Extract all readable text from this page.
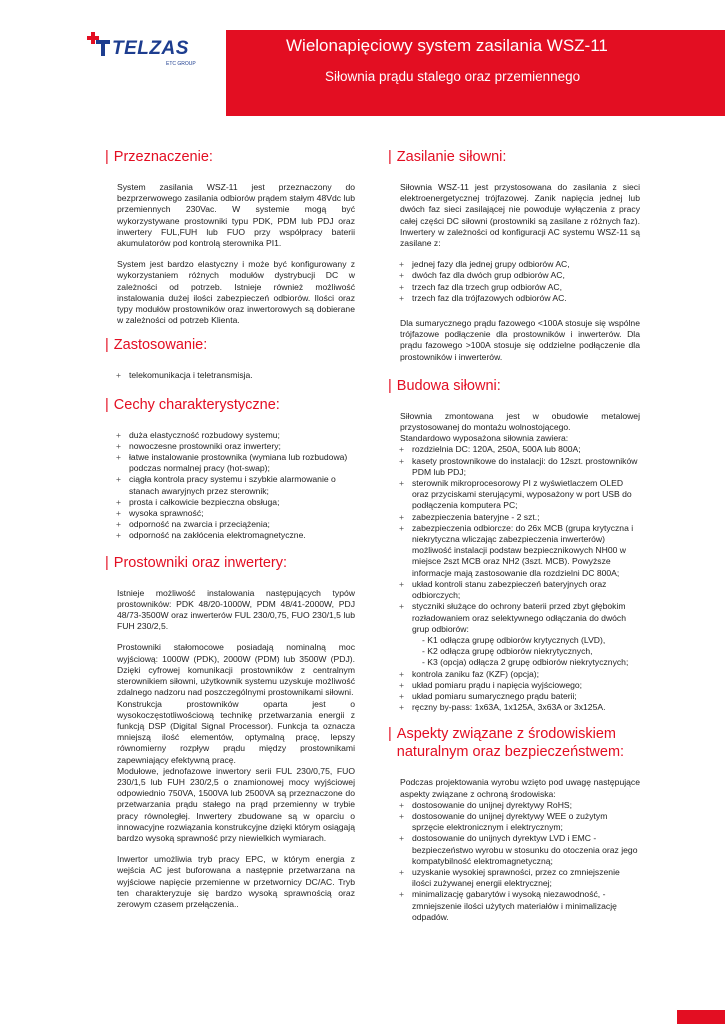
TELZAS
ETC GROUP
Wielonapięciowy system zasilania WSZ-11
Siłownia prądu stalego oraz przemiennego
| Przeznaczenie:

System zasilania WSZ-11 jest przeznaczony do bezprzerwowego zasilania odbiorów prądem stałym 48Vdc lub przemiennych 230Vac. W systemie mogą być wykorzystywane prostowniki typu PDK, PDM lub PDJ oraz inwertery FUL,FUH lub FUO przy współpracy baterii akumulatorów pod kontrolą sterownika PI1.

System jest bardzo elastyczny i może być konfigurowany z wykorzystaniem różnych modułów dystrybucji DC w zależności od potrzeb. Istnieje również możliwość instalowania dużej ilości zabezpieczeń odbiorów. Ilości oraz typy modułów prostowników oraz inwertorowych są dobierane w zależności od potrzeb Klienta.

| Zastosowanie:
+ telekomunikacja i teletransmisja.
| Cechy charakterystyczne:
+ duża elastyczność rozbudowy systemu;
+ nowoczesne prostowniki oraz inwertery;
+ łatwe instalowanie prostownika (wymiana lub rozbudowa) podczas normalnej pracy (hot-swap);
+ ciągła kontrola pracy systemu i szybkie alarmowanie o stanach awaryjnych przez sterownik;
+ prosta i całkowicie bezpieczna obsługa;
+ wysoka sprawność;
+ odporność na zwarcia i przeciążenia;
+ odporność na zakłócenia elektromagnetyczne.
| Prostowniki oraz inwertery:

Istnieje możliwość instalowania następujących typów prostowników: PDK 48/20-1000W, PDM 48/41-2000W, PDJ 48/73-3500W oraz inwerterów FUL 230/0,75, FUO 230/1,5 lub FUH 230/2,5.

Prostowniki stałomocowe posiadają nominalną moc wyjściową: 1000W (PDK), 2000W (PDM) lub 3500W (PDJ). Dzięki cyfrowej komunikacji prostowników z centralnym sterownikiem siłowni, użytkownik systemu uzyskuje możliwość zdalnego nadzoru nad poszczególnymi prostownikami siłowni.

Konstrukcja prostowników oparta jest o wysokoczęstotliwościową technikę przetwarzania energii z funkcją DSP (Digital Signal Processor). Funkcja ta oznacza mniejszą ilość elementów, optymalną pracę, lepszy równomierny rozpływ prądu między prostownikami zapewniający efektywną pracę.

Modułowe, jednofazowe inwertory serii FUL 230/0,75, FUO 230/1,5 lub FUH 230/2,5 o znamionowej mocy wyjściowej odpowiednio 750VA, 1500VA lub 2500VA są przeznaczone do przetwarzania prądu stałego na prąd przemienny w trybie pracy równoległej. Inwertery zbudowane są w oparciu o innowacyjne rozwiązania konstrukcyjne dzięki którym osiągają bardzo wysoką sprawność przy niewielkich wymiarach.

Inwertor umożliwia tryb pracy EPC, w którym energia z wejścia AC jest buforowana a następnie przetwarzana na wyjściowe napięcie przemienne w przetwornicy DC/AC. Tryb ten charakteryzuje się bardzo wysoką sprawnością oraz zerowym czasem przełączenia..

| Zasilanie siłowni:

Siłownia WSZ-11 jest przystosowana do zasilania z sieci elektroenergetycznej trójfazowej. Zanik napięcia jednej lub dwóch faz sieci zasilającej nie powoduje wyłączenia z pracy całej części DC siłowni (prostowniki są zasilane z różnych faz). Inwertery w zależności od konfiguracji AC systemu WSZ-11 są zasilane z:

+ jednej fazy dla jednej grupy odbiorów AC,
+ dwóch faz dla dwóch grup odbiorów AC,
+ trzech faz dla trzech grup odbiorów AC,
+ trzech faz dla trójfazowych odbiorów AC.

Dla sumarycznego prądu fazowego <100A stosuje się wspólne trójfazowe podłączenie dla prostowników i inwerterów. Dla prądu fazowego >100A stosuje się oddzielne podłączenie dla prostowników i inwerterów.

| Budowa siłowni:

Siłownia zmontowana jest w obudowie metalowej przystosowanej do montażu wolnostojącego.

Standardowo wyposażona siłownia zawiera:

+ rozdzielnia DC: 120A, 250A, 500A lub 800A;
+ kasety prostownikowe do instalacji: do 12szt. prostowników PDM lub PDJ;
+ sterownik mikroprocesorowy PI z wyświetlaczem OLED oraz przyciskami sterującymi, wyposażony w port USB do podłączenia komputera PC;
+ zabezpieczenia bateryjne - 2 szt.;
+ zabezpieczenia odbiorcze: do 26x MCB (grupa krytyczna i niekrytyczna wliczając zabezpieczenia inwerterów) możliwość instalacji podstaw bezpiecznikowych NH00 w miejsce 2szt MCB oraz NH2 (3szt. MCB). Powyższe informacje mają zastosowanie dla rozdzielni DC 800A;
+ układ kontroli stanu zabezpieczeń bateryjnych oraz odbiorczych;
+ styczniki służące do ochrony baterii przed zbyt głębokim rozładowaniem oraz selektywnego odłączania do dwóch grup odbiorów:
- K1 odłącza grupę odbiorów krytycznych (LVD),
- K2 odłącza grupę odbiorów niekrytycznych,
- K3 (opcja) odłącza 2 grupę odbiorów niekrytycznych;
+ kontrola zaniku faz (KZF) (opcja);
+ układ pomiaru prądu i napięcia wyjściowego;
+ układ pomiaru sumarycznego prądu baterii;
+ ręczny by-pass: 1x63A, 1x125A, 3x63A or 3x125A.
| Aspekty związane z środowiskiem
naturalnym oraz bezpieczeństwem:

Podczas projektowania wyrobu wzięto pod uwagę następujące aspekty związane z ochroną środowiska:

+ dostosowanie do unijnej dyrektywy RoHS;
+ dostosowanie do unijnej dyrektywy WEE o zużytym sprzęcie elektronicznym i elektrycznym;
+ dostosowanie do unijnych dyrektyw LVD i EMC - bezpieczeństwo wyrobu w stosunku do otoczenia oraz jego kompatybilność elektromagnetyczną;
+ uzyskanie wysokiej sprawności, przez co zmniejszenie ilości zużywanej energii elektrycznej;
+ minimalizację gabarytów i wysoką niezawodność, - zmniejszenie ilości użytych materiałów i minimalizację odpadów.
